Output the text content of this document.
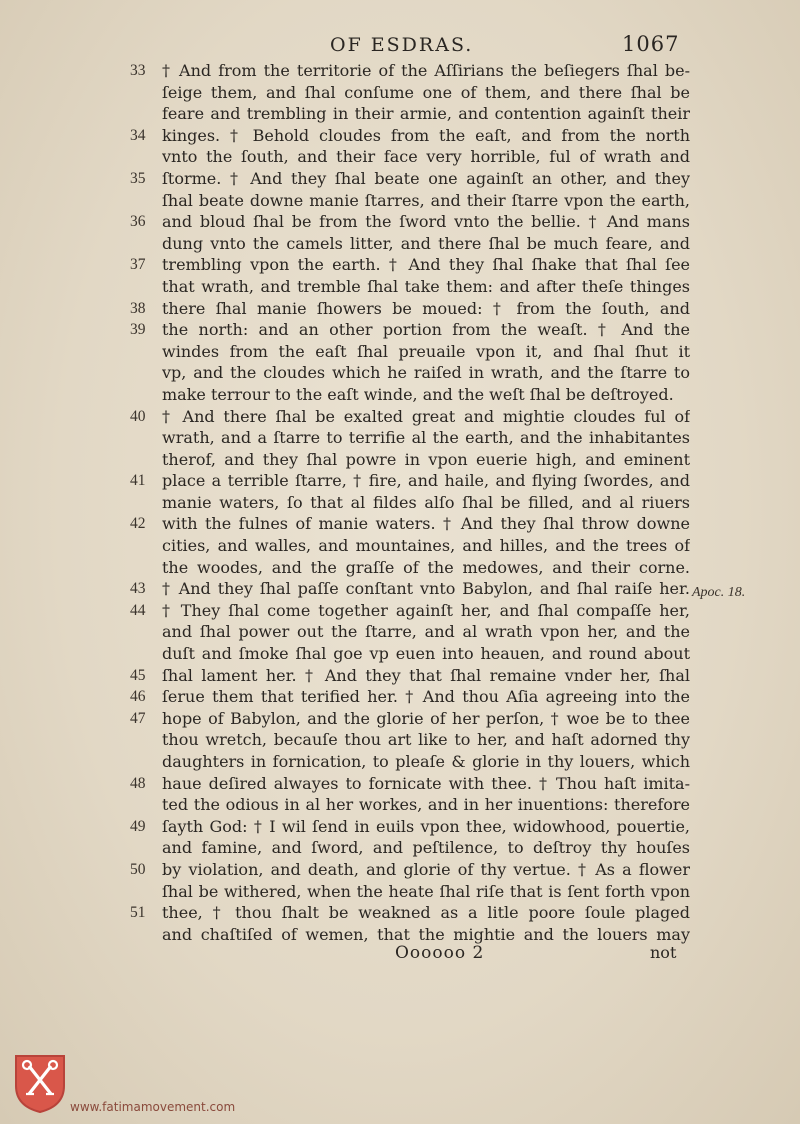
OF ESDRAS.	1067
33	† And from the territorie of the Aſſirians the beſiegers ſhal be-
ſeige them, and ſhal conſume one of them, and there ſhal be
feare and trembling in their armie, and contention againſt their
34	kinges. † Behold cloudes from the eaſt, and from the north
vnto the ſouth, and their face very horrible, ful of wrath and
35	ſtorme. † And they ſhal beate one againſt an other, and they
ſhal beate downe manie ſtarres, and their ſtarre vpon the earth,
36	and bloud ſhal be from the ſword vnto the bellie. † And mans
dung vnto the camels litter, and there ſhal be much feare, and
37	trembling vpon the earth. † And they ſhal ſhake that ſhal ſee
that wrath, and tremble ſhal take them: and after theſe thinges
38	there ſhal manie ſhowers be moued: † from the ſouth, and
39	the north: and an other portion from the weaſt. † And the
windes from the eaſt ſhal preuaile vpon it, and ſhal ſhut it
vp, and the cloudes which he raiſed in wrath, and the ſtarre to
make terrour to the eaſt winde, and the weſt ſhal be deſtroyed.
40	† And there ſhal be exalted great and mightie cloudes ful of
wrath, and a ſtarre to terrifie al the earth, and the inhabitantes
therof, and they ſhal powre in vpon euerie high, and eminent
41	place a terrible ſtarre, † fire, and haile, and flying ſwordes, and
manie waters, ſo that al fildes alſo ſhal be filled, and al riuers
42	with the fulnes of manie waters. † And they ſhal throw downe
cities, and walles, and mountaines, and hilles, and the trees of
the woodes, and the graſſe of the medowes, and their corne.
43	† And they ſhal paſſe conſtant vnto Babylon, and ſhal raiſe her.
44	† They ſhal come together againſt her, and ſhal compaſſe her,
and ſhal power out the ſtarre, and al wrath vpon her, and the
duſt and ſmoke ſhal goe vp euen into heauen, and round about
45	ſhal lament her. † And they that ſhal remaine vnder her, ſhal
46	ſerue them that terified her. † And thou Aſia agreeing into the
47	hope of Babylon, and the glorie of her perſon, † woe be to thee
thou wretch, becauſe thou art like to her, and haſt adorned thy
daughters in fornication, to pleaſe & glorie in thy louers, which
48	haue deſired alwayes to fornicate with thee. † Thou haſt imita-
ted the odious in al her workes, and in her inuentions: therefore
49	ſayth God: † I wil ſend in euils vpon thee, widowhood, pouertie,
and famine, and ſword, and peſtilence, to deſtroy thy houſes
50	by violation, and death, and glorie of thy vertue. † As a flower
ſhal be withered, when the heate ſhal riſe that is ſent forth vpon
51	thee, † thou ſhalt be weakned as a litle poore ſoule plaged
and chaſtiſed of wemen, that the mightie and the louers may
Apoc. 18.
Oooooo 2	not
www.fatimamovement.com
